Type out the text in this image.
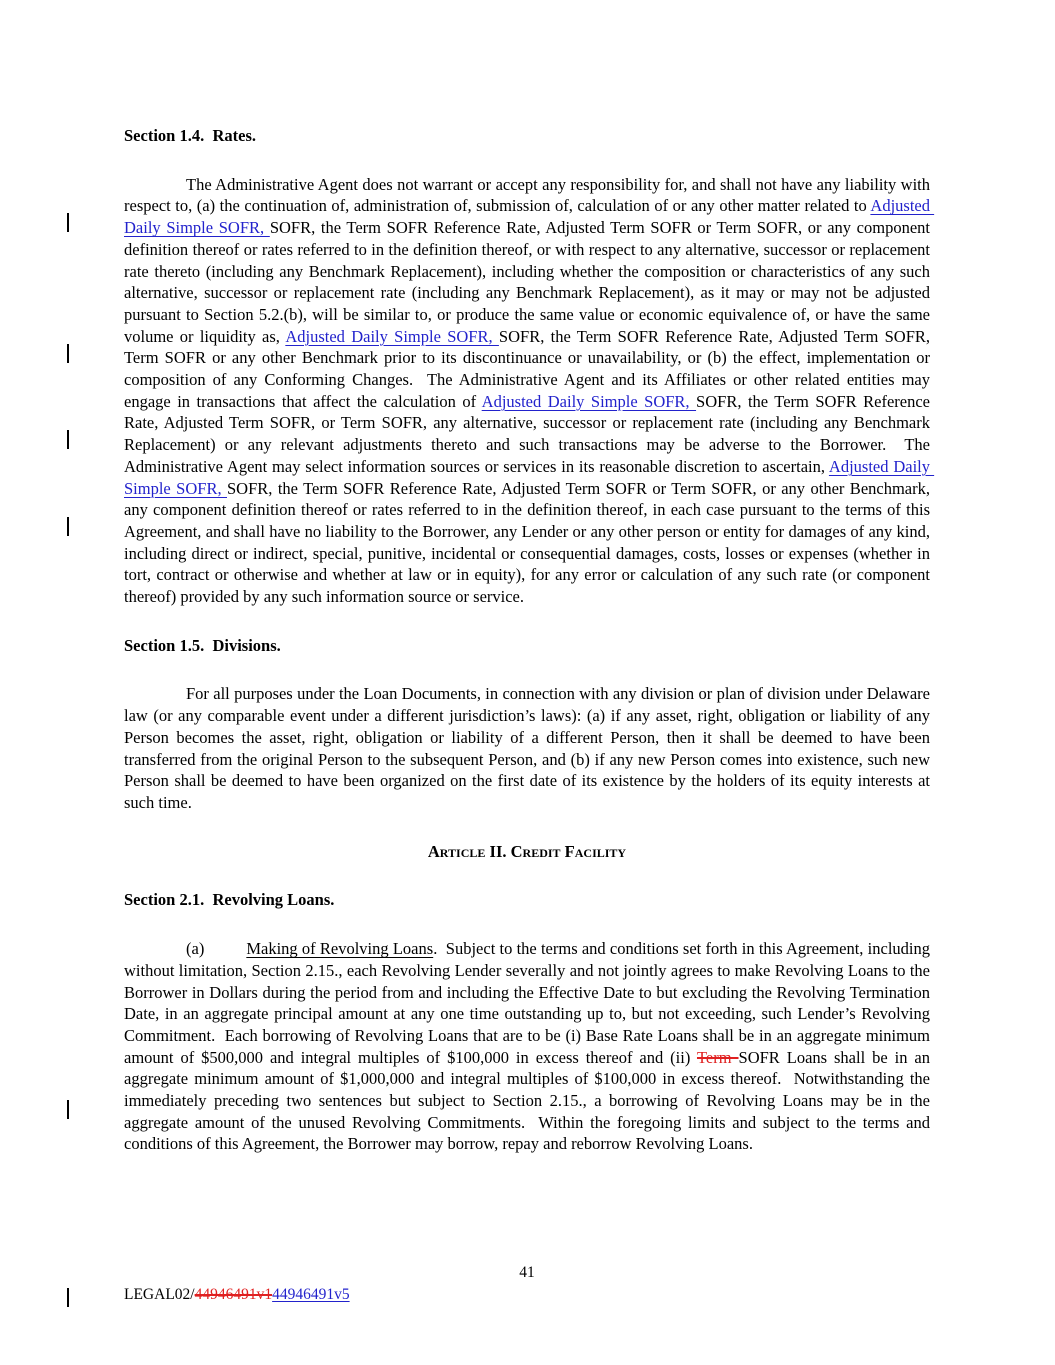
Section 1.4.  Rates.
The Administrative Agent does not warrant or accept any responsibility for, and shall not have any liability with respect to, (a) the continuation of, administration of, submission of, calculation of or any other matter related to Adjusted Daily Simple SOFR, SOFR, the Term SOFR Reference Rate, Adjusted Term SOFR or Term SOFR, or any component definition thereof or rates referred to in the definition thereof, or with respect to any alternative, successor or replacement rate thereto (including any Benchmark Replacement), including whether the composition or characteristics of any such alternative, successor or replacement rate (including any Benchmark Replacement), as it may or may not be adjusted pursuant to Section 5.2.(b), will be similar to, or produce the same value or economic equivalence of, or have the same volume or liquidity as, Adjusted Daily Simple SOFR, SOFR, the Term SOFR Reference Rate, Adjusted Term SOFR, Term SOFR or any other Benchmark prior to its discontinuance or unavailability, or (b) the effect, implementation or composition of any Conforming Changes.  The Administrative Agent and its Affiliates or other related entities may engage in transactions that affect the calculation of Adjusted Daily Simple SOFR, SOFR, the Term SOFR Reference Rate, Adjusted Term SOFR, or Term SOFR, any alternative, successor or replacement rate (including any Benchmark Replacement) or any relevant adjustments thereto and such transactions may be adverse to the Borrower.  The Administrative Agent may select information sources or services in its reasonable discretion to ascertain, Adjusted Daily Simple SOFR, SOFR, the Term SOFR Reference Rate, Adjusted Term SOFR or Term SOFR, or any other Benchmark, any component definition thereof or rates referred to in the definition thereof, in each case pursuant to the terms of this Agreement, and shall have no liability to the Borrower, any Lender or any other person or entity for damages of any kind, including direct or indirect, special, punitive, incidental or consequential damages, costs, losses or expenses (whether in tort, contract or otherwise and whether at law or in equity), for any error or calculation of any such rate (or component thereof) provided by any such information source or service.
Section 1.5.  Divisions.
For all purposes under the Loan Documents, in connection with any division or plan of division under Delaware law (or any comparable event under a different jurisdiction’s laws): (a) if any asset, right, obligation or liability of any Person becomes the asset, right, obligation or liability of a different Person, then it shall be deemed to have been transferred from the original Person to the subsequent Person, and (b) if any new Person comes into existence, such new Person shall be deemed to have been organized on the first date of its existence by the holders of its equity interests at such time.
Article II. Credit Facility
Section 2.1.  Revolving Loans.
(a)		Making of Revolving Loans.  Subject to the terms and conditions set forth in this Agreement, including without limitation, Section 2.15., each Revolving Lender severally and not jointly agrees to make Revolving Loans to the Borrower in Dollars during the period from and including the Effective Date to but excluding the Revolving Termination Date, in an aggregate principal amount at any one time outstanding up to, but not exceeding, such Lender’s Revolving Commitment.  Each borrowing of Revolving Loans that are to be (i) Base Rate Loans shall be in an aggregate minimum amount of $500,000 and integral multiples of $100,000 in excess thereof and (ii) Term SOFR Loans shall be in an aggregate minimum amount of $1,000,000 and integral multiples of $100,000 in excess thereof.  Notwithstanding the immediately preceding two sentences but subject to Section 2.15., a borrowing of Revolving Loans may be in the aggregate amount of the unused Revolving Commitments.  Within the foregoing limits and subject to the terms and conditions of this Agreement, the Borrower may borrow, repay and reborrow Revolving Loans.
41
LEGAL02/44946491v144946491v5
